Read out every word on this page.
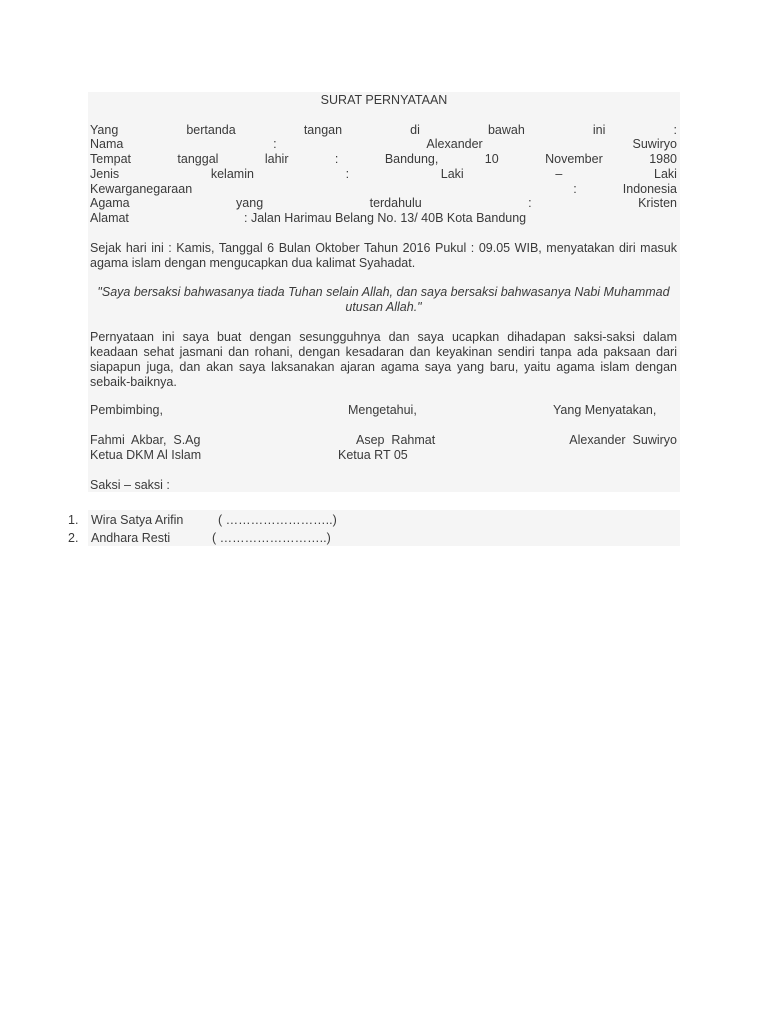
SURAT PERNYATAAN
Yang	bertanda	tangan	di	bawah	ini	:
Nama	:	Alexander	Suwiryo
Tempat	tanggal	lahir	:	Bandung,	10	November	1980
Jenis	kelamin	:	Laki	–	Laki
Kewarganegaraan	:	Indonesia
Agama	yang	terdahulu	:	Kristen
Alamat	: Jalan Harimau Belang No. 13/ 40B Kota Bandung
Sejak hari ini : Kamis, Tanggal 6 Bulan Oktober Tahun 2016 Pukul : 09.05 WIB, menyatakan diri masuk agama islam dengan mengucapkan dua kalimat Syahadat.
"Saya bersaksi bahwasanya tiada Tuhan selain Allah, dan saya bersaksi bahwasanya Nabi Muhammad utusan Allah."
Pernyataan ini saya buat dengan sesungguhnya dan saya ucapkan dihadapan saksi-saksi dalam keadaan sehat jasmani dan rohani, dengan kesadaran dan keyakinan sendiri tanpa ada paksaan dari siapapun juga, dan akan saya laksanakan ajaran agama saya yang baru, yaitu agama islam dengan sebaik-baiknya.
Pembimbing,	Mengetahui,	Yang Menyatakan,
Fahmi  Akbar,  S.Ag	Asep  Rahmat	Alexander  Suwiryo
Ketua DKM Al Islam	Ketua RT 05
Saksi – saksi :
1. Wira Satya Arifin	( ……………………..)
2. Andhara Resti	( ……………………..)
